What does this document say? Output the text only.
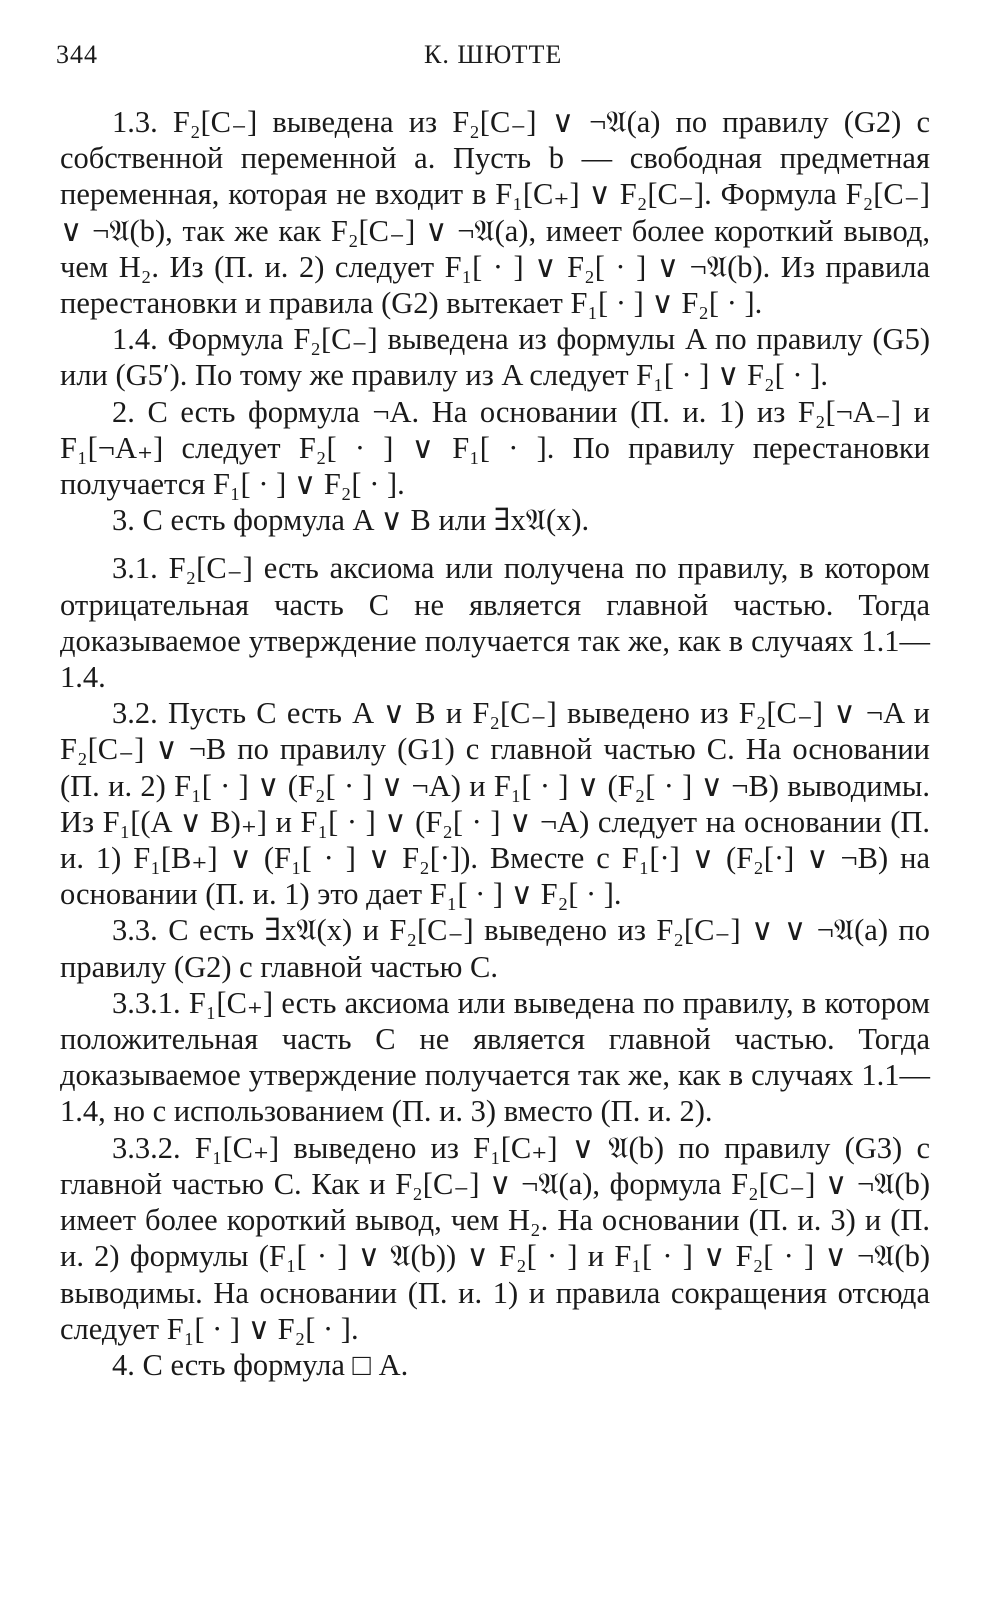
344	К. ШЮТТЕ

1.3. F₂[C₋] выведена из F₂[C₋] ∨ ¬𝔄(a) по правилу (G2) с собственной переменной a. Пусть b — свободная предметная переменная, которая не входит в F₁[C₊] ∨ F₂[C₋]. Формула F₂[C₋] ∨ ¬𝔄(b), так же как F₂[C₋] ∨ ¬𝔄(a), имеет более короткий вывод, чем H₂. Из (П. и. 2) следует F₁[ · ] ∨ F₂[ · ] ∨ ¬𝔄(b). Из правила перестановки и правила (G2) вытекает F₁[ · ] ∨ F₂[ · ].

1.4. Формула F₂[C₋] выведена из формулы A по правилу (G5) или (G5′). По тому же правилу из A следует F₁[ · ] ∨ F₂[ · ].

2. C есть формула ¬A. На основании (П. и. 1) из F₂[¬A₋] и F₁[¬A₊] следует F₂[ · ] ∨ F₁[ · ]. По правилу перестановки получается F₁[ · ] ∨ F₂[ · ].

3. C есть формула A ∨ B или ∃x𝔄(x).

3.1. F₂[C₋] есть аксиома или получена по правилу, в котором отрицательная часть C не является главной частью. Тогда доказываемое утверждение получается так же, как в случаях 1.1—1.4.

3.2. Пусть C есть A ∨ B и F₂[C₋] выведено из F₂[C₋] ∨ ¬A и F₂[C₋] ∨ ¬B по правилу (G1) с главной частью C. На основании (П. и. 2) F₁[ · ] ∨ (F₂[ · ] ∨ ¬A) и F₁[ · ] ∨ (F₂[ · ] ∨ ¬B) выводимы. Из F₁[(A ∨ B)₊] и F₁[ · ] ∨ (F₂[ · ] ∨ ¬A) следует на основании (П. и. 1) F₁[B₊] ∨ (F₁[ · ] ∨ F₂[·]). Вместе с F₁[·] ∨ (F₂[·] ∨ ¬B) на основании (П. и. 1) это дает F₁[ · ] ∨ F₂[ · ].

3.3. C есть ∃x𝔄(x) и F₂[C₋] выведено из F₂[C₋] ∨ ∨ ¬𝔄(a) по правилу (G2) с главной частью C.

3.3.1. F₁[C₊] есть аксиома или выведена по правилу, в котором положительная часть C не является главной частью. Тогда доказываемое утверждение получается так же, как в случаях 1.1—1.4, но с использованием (П. и. 3) вместо (П. и. 2).

3.3.2. F₁[C₊] выведено из F₁[C₊] ∨ 𝔄(b) по правилу (G3) с главной частью C. Как и F₂[C₋] ∨ ¬𝔄(a), формула F₂[C₋] ∨ ¬𝔄(b) имеет более короткий вывод, чем H₂. На основании (П. и. 3) и (П. и. 2) формулы (F₁[ · ] ∨ 𝔄(b)) ∨ F₂[ · ] и F₁[ · ] ∨ F₂[ · ] ∨ ¬𝔄(b) выводимы. На основании (П. и. 1) и правила сокращения отсюда следует F₁[ · ] ∨ F₂[ · ].

4. C есть формула □ A.
